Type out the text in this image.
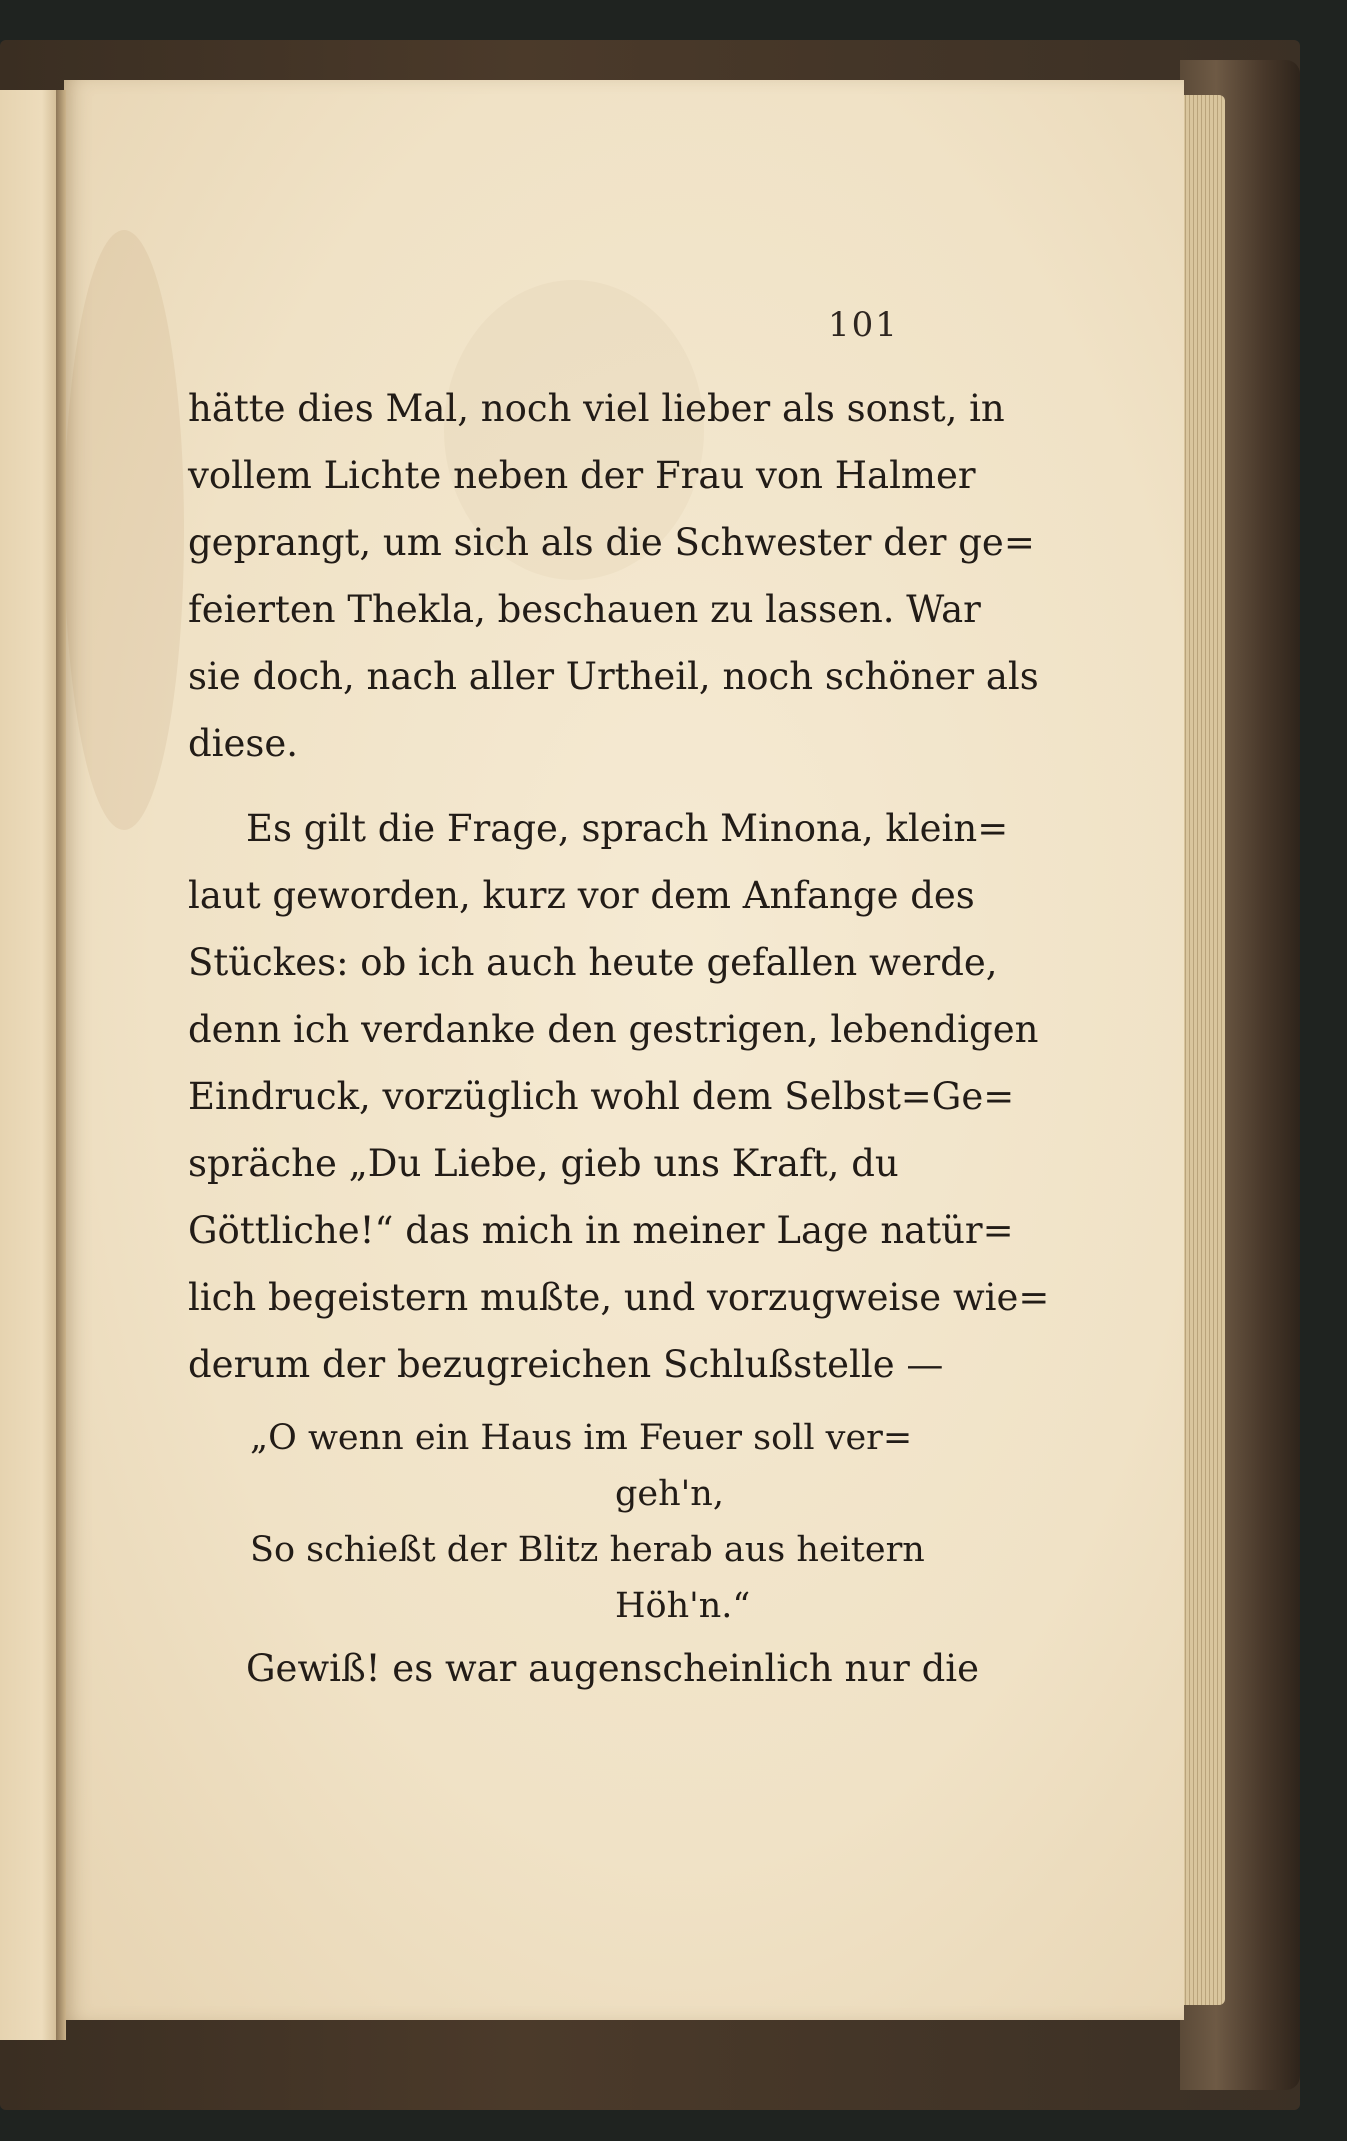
101
hätte dies Mal, noch viel lieber als sonst, in
vollem Lichte neben der Frau von Halmer
geprangt, um sich als die Schwester der ge=
feierten Thekla, beschauen zu lassen. War
sie doch, nach aller Urtheil, noch schöner als
diese.
Es gilt die Frage, sprach Minona, klein=
laut geworden, kurz vor dem Anfange des
Stückes: ob ich auch heute gefallen werde,
denn ich verdanke den gestrigen, lebendigen
Eindruck, vorzüglich wohl dem Selbst=Ge=
spräche „Du Liebe, gieb uns Kraft, du
Göttliche!“ das mich in meiner Lage natür=
lich begeistern mußte, und vorzugweise wie=
derum der bezugreichen Schlußstelle —
„O wenn ein Haus im Feuer soll ver=
geh'n,
So schießt der Blitz herab aus heitern
Höh'n.“
Gewiß! es war augenscheinlich nur die
